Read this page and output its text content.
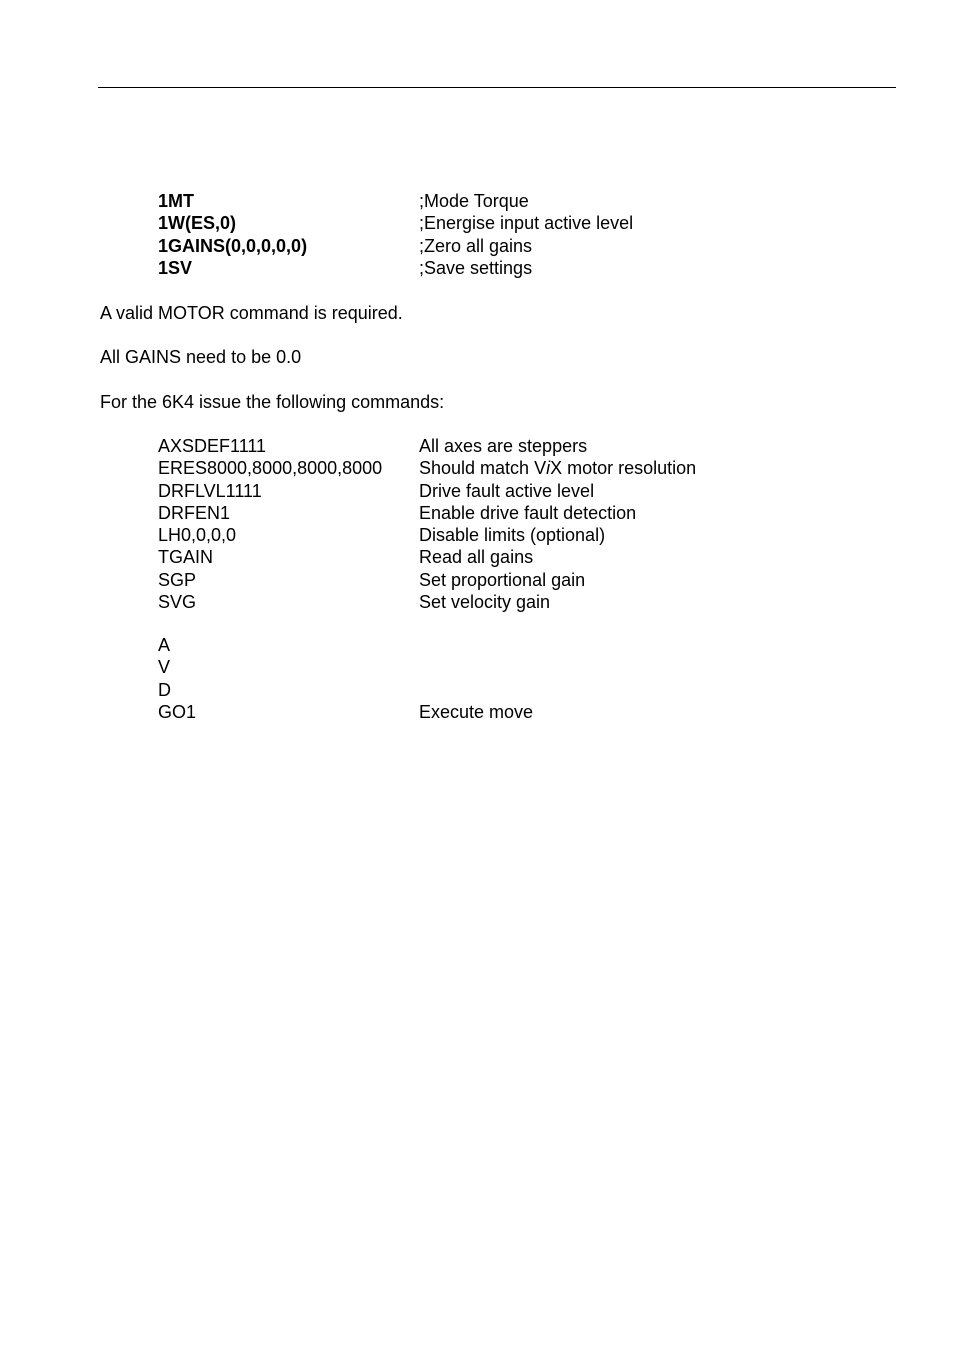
1MT	;Mode Torque
1W(ES,0)	;Energise input active level
1GAINS(0,0,0,0,0)	;Zero all gains
1SV	;Save settings

A valid MOTOR command is required.

All GAINS need to be 0.0

For the 6K4 issue the following commands:

AXSDEF1111	All axes are steppers
ERES8000,8000,8000,8000 Should match ViX motor resolution
DRFLVL1111	Drive fault active level
DRFEN1	Enable drive fault detection
LH0,0,0,0	Disable limits (optional)
TGAIN	Read all gains
SGP	Set proportional gain
SVG	Set velocity gain
A
V
D
GO1	Execute move
